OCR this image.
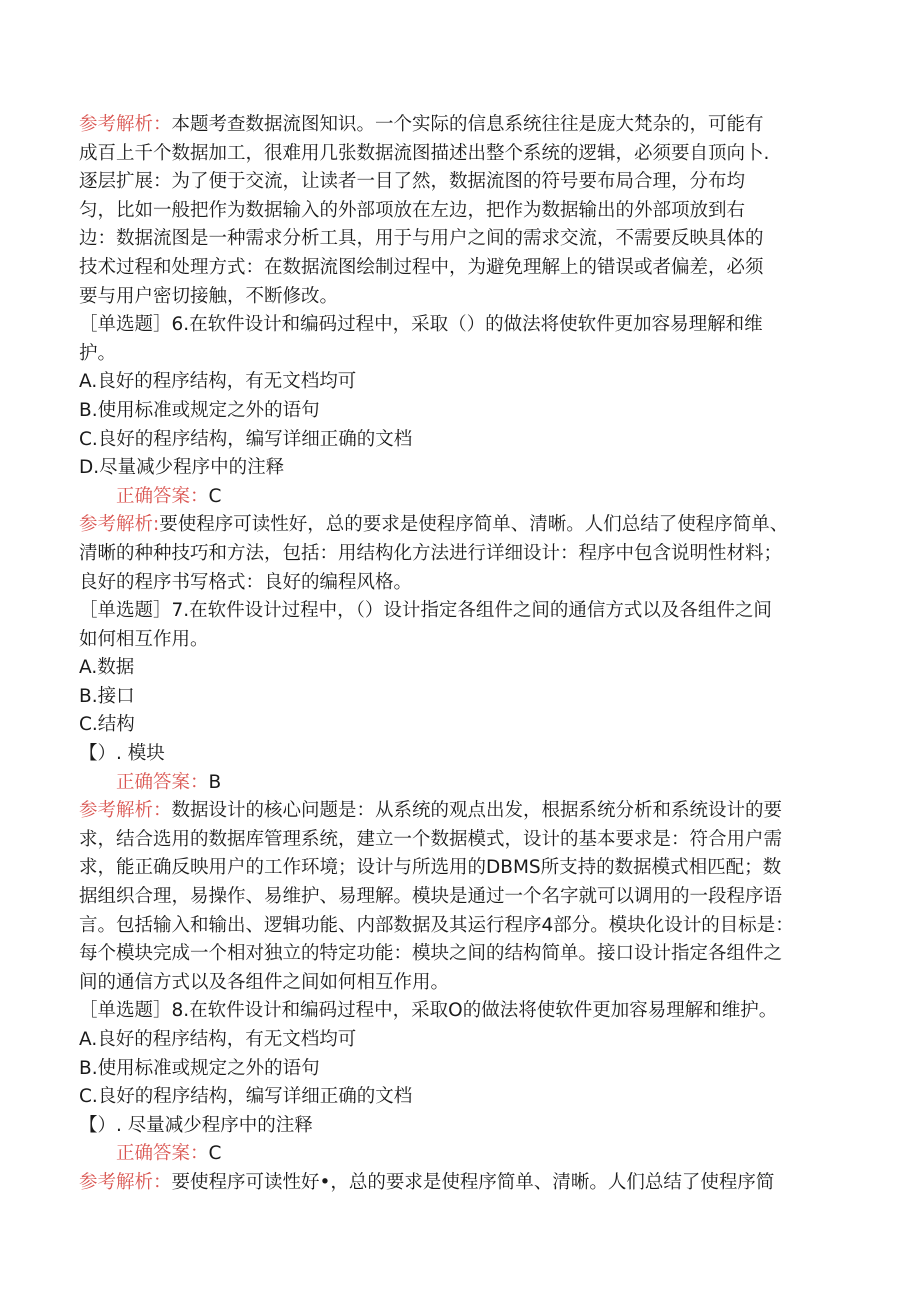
参考解析：本题考查数据流图知识。一个实际的信息系统往往是庞大梵杂的，可能有
成百上千个数据加工，很难用几张数据流图描述出整个系统的逻辑，必须要自顶向卜.
逐层扩展：为了便于交流，让读者一目了然，数据流图的符号要布局合理，分布均
匀，比如一般把作为数据输入的外部项放在左边，把作为数据输出的外部项放到右
边：数据流图是一种需求分析工具，用于与用户之间的需求交流，不需要反映具体的
技术过程和处理方式：在数据流图绘制过程中，为避免理解上的错误或者偏差，必须
要与用户密切接触，不断修改。
［单选题］6.在软件设计和编码过程中，采取（）的做法将使软件更加容易理解和维
护。
A.良好的程序结构，有无文档均可
B.使用标准或规定之外的语句
C.良好的程序结构，编写详细正确的文档
D.尽量减少程序中的注释
正确答案：C
参考解析:要使程序可读性好，总的要求是使程序简单、清晰。人们总结了使程序简单、
清晰的种种技巧和方法，包括：用结构化方法进行详细设计：程序中包含说明性材料；
良好的程序书写格式：良好的编程风格。
［单选题］7.在软件设计过程中，（）设计指定各组件之间的通信方式以及各组件之间
如何相互作用。
A.数据
B.接口
C.结构
【）. 模块
正确答案：B
参考解析：数据设计的核心问题是：从系统的观点出发，根据系统分析和系统设计的要
求，结合选用的数据库管理系统，建立一个数据模式，设计的基本要求是：符合用户需
求，能正确反映用户的工作环境；设计与所选用的DBMS所支持的数据模式相匹配；数
据组织合理，易操作、易维护、易理解。模块是通过一个名字就可以调用的一段程序语
言。包括输入和输出、逻辑功能、内部数据及其运行程序4部分。模块化设计的目标是：
每个模块完成一个相对独立的特定功能：模块之间的结构简单。接口设计指定各组件之
间的通信方式以及各组件之间如何相互作用。
［单选题］8.在软件设计和编码过程中，采取O的做法将使软件更加容易理解和维护。
A.良好的程序结构，有无文档均可
B.使用标准或规定之外的语句
C.良好的程序结构，编写详细正确的文档
【）. 尽量减少程序中的注释
正确答案：C
参考解析：要使程序可读性好•，总的要求是使程序简单、清晰。人们总结了使程序简
